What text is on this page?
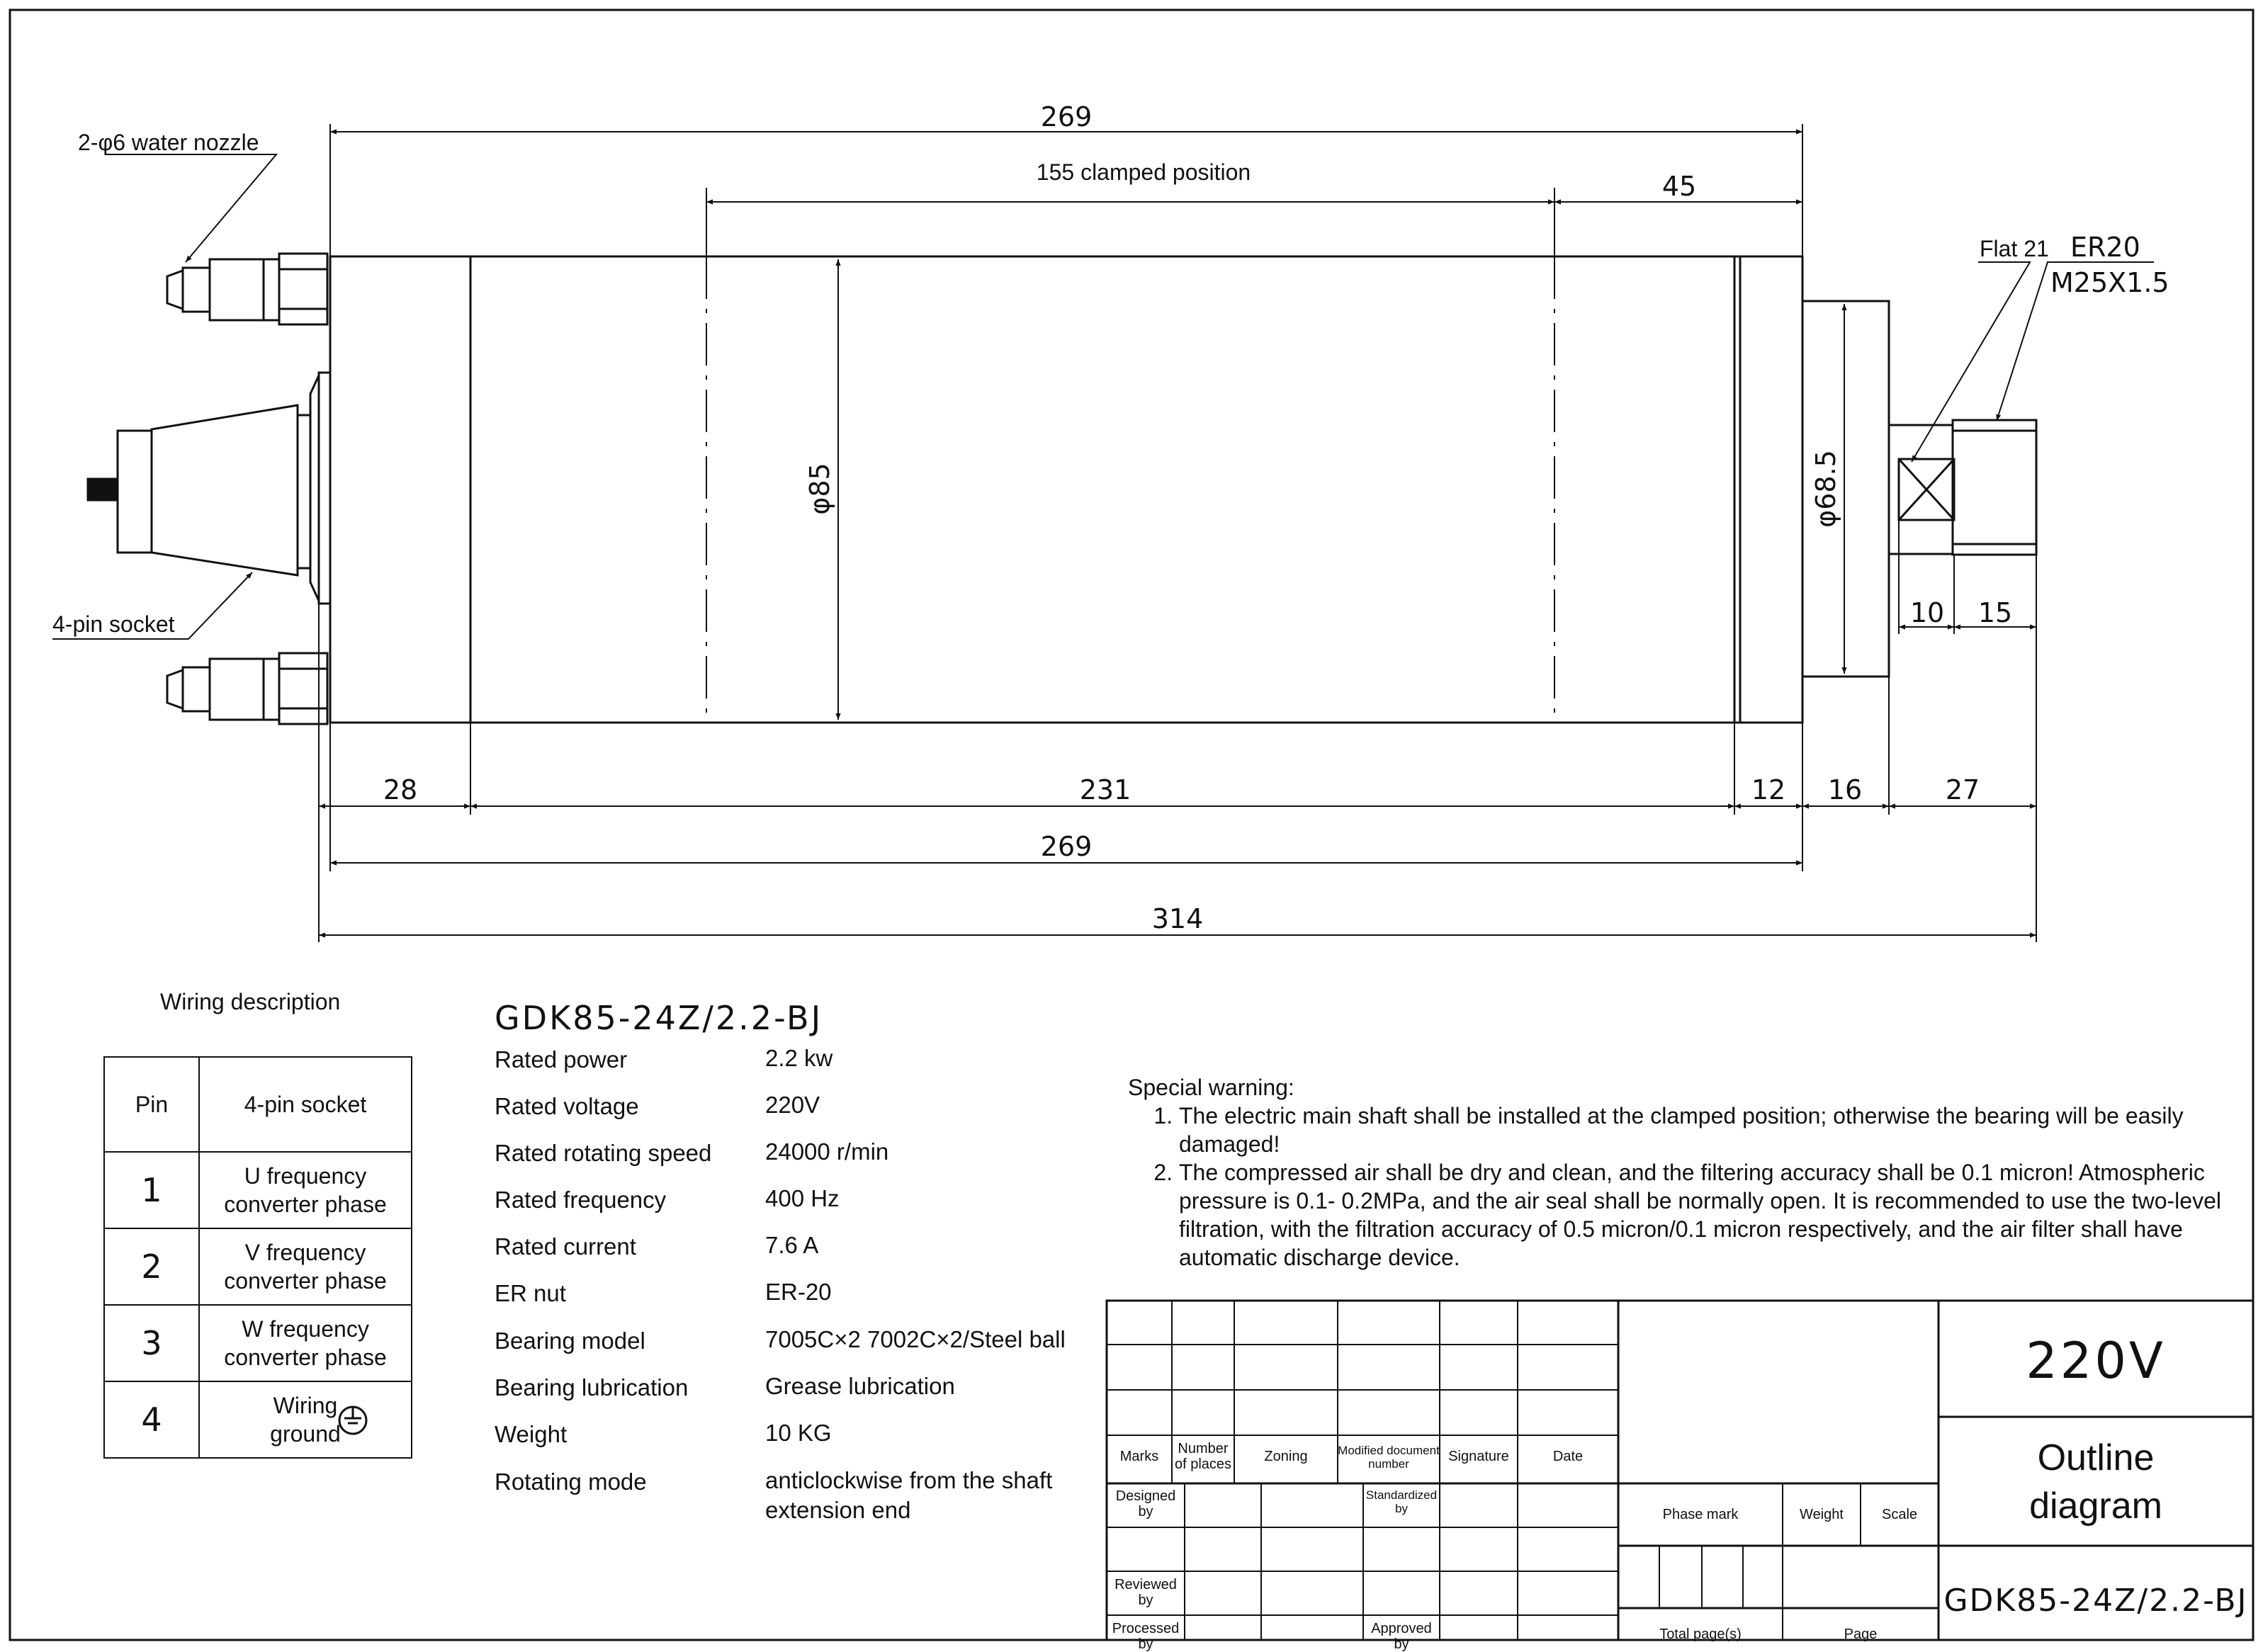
2-φ6 water nozzle
4-pin socket
Flat 21 ER20
M25X1.5
155 clamped position
269
45
φ85	φ68.5
10 15
28	231	12 16	27
269
314
Wiring description
Pin	4-pin socket
1	U frequency
converter phase

2	V frequency
converter phase

3	W frequency
converter phase

4	Wiring
ground
GDK85-24Z/2.2-BJ
Rated power	2.2 kw
Rated voltage	220V
Rated rotating speed 24000 r/min
Rated frequency	400 Hz
Rated current	7.6 A
ER nut	ER-20
Bearing model	7005C×2 7002C×2/Steel ball
Bearing lubrication	Grease lubrication
Weight	10 KG
Rotating mode	anticlockwise from the shaft extension end
Special warning:
1. The electric main shaft shall be installed at the clamped position; otherwise the bearing will be easily damaged!
2. The compressed air shall be dry and clean, and the filtering accuracy shall be 0.1 micron! Atmospheric pressure is 0.1- 0.2MPa, and the air seal shall be normally open. It is recommended to use the two-level filtration, with the filtration accuracy of 0.5 micron/0.1 micron respectively, and the air filter shall have automatic discharge device.
Marks	Number of places	Zoning	Modified document number	Signature	Date
Designed by
Standardized by
Reviewed by
Processed by
Approved by
Phase mark	Weight	Scale
Total page(s)	Page
220V
Outline diagram
GDK85-24Z/2.2-BJ
